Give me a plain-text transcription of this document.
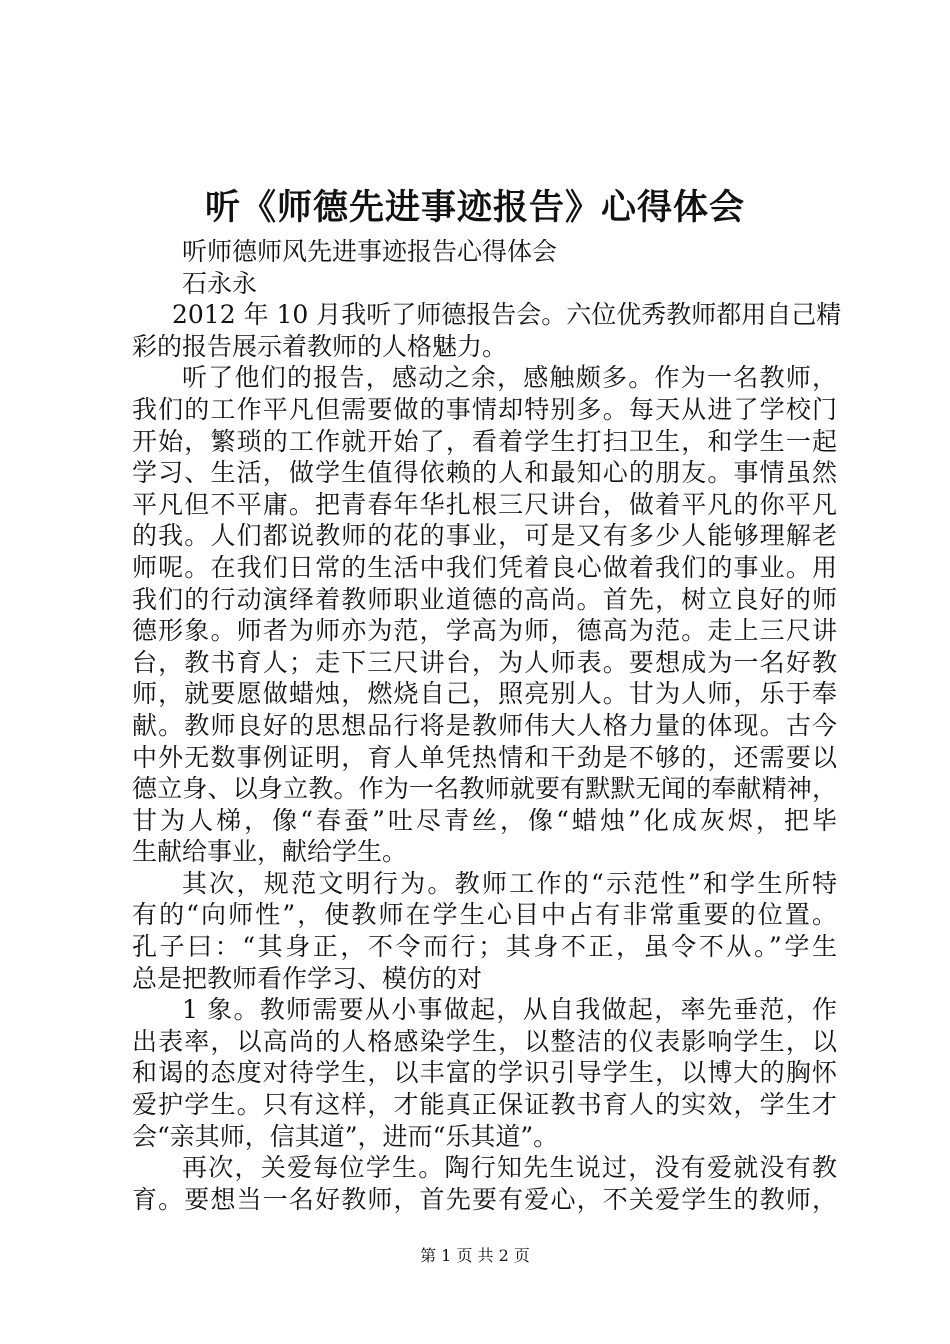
听《师德先进事迹报告》心得体会
听师德师风先进事迹报告心得体会
石永永
2012 年 10 月我听了师德报告会。六位优秀教师都用自己精
彩的报告展示着教师的人格魅力。
听了他们的报告，感动之余，感触颇多。作为一名教师，
我们的工作平凡但需要做的事情却特别多。每天从进了学校门
开始，繁琐的工作就开始了，看着学生打扫卫生，和学生一起
学习、生活，做学生值得依赖的人和最知心的朋友。事情虽然
平凡但不平庸。把青春年华扎根三尺讲台，做着平凡的你平凡
的我。人们都说教师的花的事业，可是又有多少人能够理解老
师呢。在我们日常的生活中我们凭着良心做着我们的事业。用
我们的行动演绎着教师职业道德的高尚。首先，树立良好的师
德形象。师者为师亦为范，学高为师，德高为范。走上三尺讲
台，教书育人；走下三尺讲台，为人师表。要想成为一名好教
师，就要愿做蜡烛，燃烧自己，照亮别人。甘为人师，乐于奉
献。教师良好的思想品行将是教师伟大人格力量的体现。古今
中外无数事例证明，育人单凭热情和干劲是不够的，还需要以
德立身、以身立教。作为一名教师就要有默默无闻的奉献精神，
甘为人梯，像“春蚕”吐尽青丝，像“蜡烛”化成灰烬，把毕
生献给事业，献给学生。
其次，规范文明行为。教师工作的“示范性”和学生所特
有的“向师性”，使教师在学生心目中占有非常重要的位置。
孔子曰：“其身正，不令而行；其身不正，虽令不从。”学生
总是把教师看作学习、模仿的对
1 象。教师需要从小事做起，从自我做起，率先垂范，作
出表率，以高尚的人格感染学生，以整洁的仪表影响学生，以
和谒的态度对待学生，以丰富的学识引导学生，以博大的胸怀
爱护学生。只有这样，才能真正保证教书育人的实效，学生才
会“亲其师，信其道”，进而“乐其道”。
再次，关爱每位学生。陶行知先生说过，没有爱就没有教
育。要想当一名好教师，首先要有爱心，不关爱学生的教师，
第 1 页 共 2 页
